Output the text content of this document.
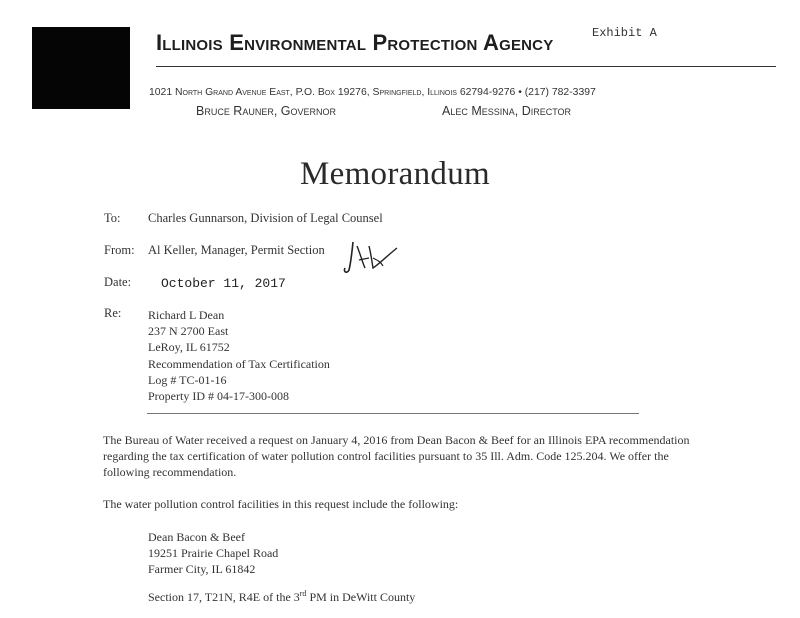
Exhibit A
Illinois Environmental Protection Agency
1021 North Grand Avenue East, P.O. Box 19276, Springfield, Illinois 62794-9276 • (217) 782-3397
Bruce Rauner, Governor	Alec Messina, Director
Memorandum
To: Charles Gunnarson, Division of Legal Counsel
From: Al Keller, Manager, Permit Section
Date: October 11, 2017
Re: Richard L Dean
237 N 2700 East
LeRoy, IL 61752
Recommendation of Tax Certification
Log # TC-01-16
Property ID # 04-17-300-008
The Bureau of Water received a request on January 4, 2016 from Dean Bacon & Beef for an Illinois EPA recommendation regarding the tax certification of water pollution control facilities pursuant to 35 Ill. Adm. Code 125.204. We offer the following recommendation.
The water pollution control facilities in this request include the following:
Dean Bacon & Beef
19251 Prairie Chapel Road
Farmer City, IL 61842
Section 17, T21N, R4E of the 3rd PM in DeWitt County
